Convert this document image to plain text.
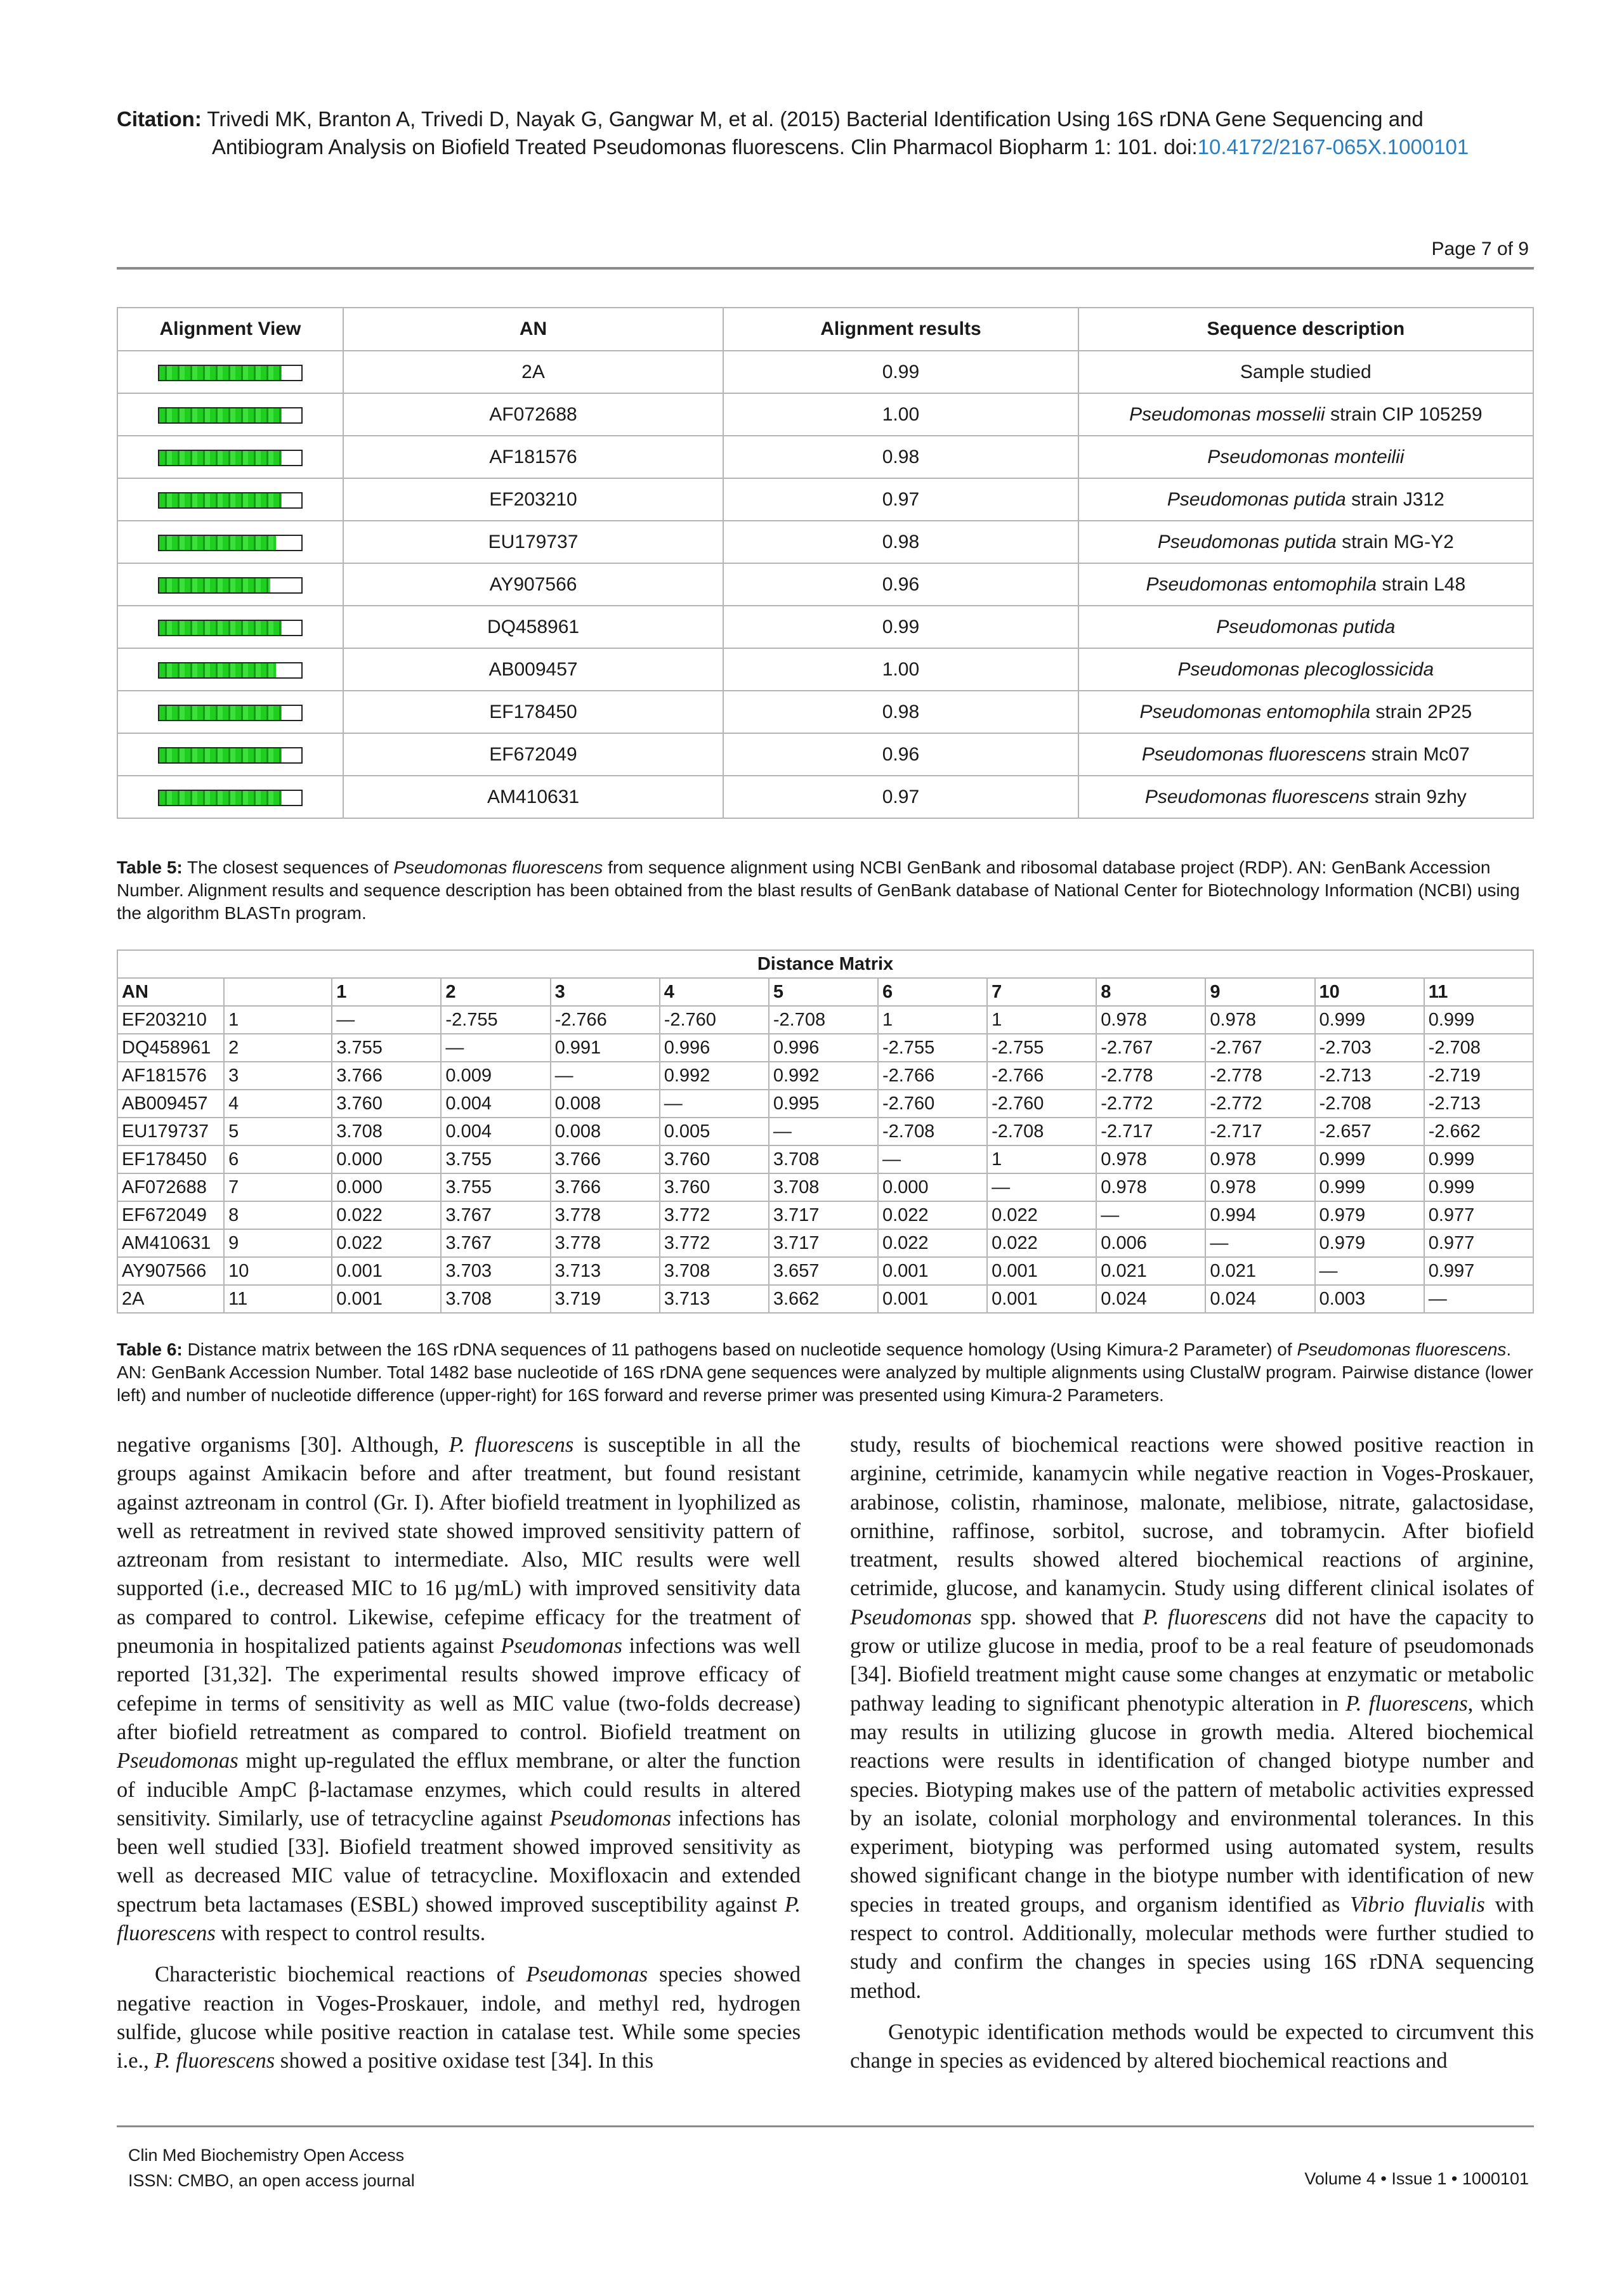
Citation: Trivedi MK, Branton A, Trivedi D, Nayak G, Gangwar M, et al. (2015) Bacterial Identification Using 16S rDNA Gene Sequencing and
Antibiogram Analysis on Biofield Treated Pseudomonas fluorescens. Clin Pharmacol Biopharm 1: 101. doi:10.4172/2167-065X.1000101
Page 7 of 9
Alignment View	AN	Alignment results	Sequence description

	2A	0.99	Sample studied

	AF072688	1.00	Pseudomonas mosselii strain CIP 105259

	AF181576	0.98	Pseudomonas monteilii

	EF203210	0.97	Pseudomonas putida strain J312

	EU179737	0.98	Pseudomonas putida strain MG-Y2

	AY907566	0.96	Pseudomonas entomophila strain L48

	DQ458961	0.99	Pseudomonas putida

	AB009457	1.00	Pseudomonas plecoglossicida

	EF178450	0.98	Pseudomonas entomophila strain 2P25

	EF672049	0.96	Pseudomonas fluorescens strain Mc07

	AM410631	0.97	Pseudomonas fluorescens strain 9zhy
Table 5: The closest sequences of Pseudomonas fluorescens from sequence alignment using NCBI GenBank and ribosomal database project (RDP). AN: GenBank Accession Number. Alignment results and sequence description has been obtained from the blast results of GenBank database of National Center for Biotechnology Information (NCBI) using the algorithm BLASTn program.
Distance Matrix												
AN		1	2	3	4	5	6	7	8	9	10	11
EF203210	1	—	-2.755	-2.766	-2.760	-2.708	1	1	0.978	0.978	0.999	0.999
DQ458961	2	3.755	—	0.991	0.996	0.996	-2.755	-2.755	-2.767	-2.767	-2.703	-2.708
AF181576	3	3.766	0.009	—	0.992	0.992	-2.766	-2.766	-2.778	-2.778	-2.713	-2.719
AB009457	4	3.760	0.004	0.008	—	0.995	-2.760	-2.760	-2.772	-2.772	-2.708	-2.713
EU179737	5	3.708	0.004	0.008	0.005	—	-2.708	-2.708	-2.717	-2.717	-2.657	-2.662
EF178450	6	0.000	3.755	3.766	3.760	3.708	—	1	0.978	0.978	0.999	0.999
AF072688	7	0.000	3.755	3.766	3.760	3.708	0.000	—	0.978	0.978	0.999	0.999
EF672049	8	0.022	3.767	3.778	3.772	3.717	0.022	0.022	—	0.994	0.979	0.977
AM410631	9	0.022	3.767	3.778	3.772	3.717	0.022	0.022	0.006	—	0.979	0.977
AY907566	10	0.001	3.703	3.713	3.708	3.657	0.001	0.001	0.021	0.021	—	0.997
2A	11	0.001	3.708	3.719	3.713	3.662	0.001	0.001	0.024	0.024	0.003	—
Table 6: Distance matrix between the 16S rDNA sequences of 11 pathogens based on nucleotide sequence homology (Using Kimura-2 Parameter) of Pseudomonas fluorescens. AN: GenBank Accession Number. Total 1482 base nucleotide of 16S rDNA gene sequences were analyzed by multiple alignments using ClustalW program. Pairwise distance (lower left) and number of nucleotide difference (upper-right) for 16S forward and reverse primer was presented using Kimura-2 Parameters.

negative organisms [30]. Although, P. fluorescens is susceptible in all the groups against Amikacin before and after treatment, but found resistant against aztreonam in control (Gr. I). After biofield treatment in lyophilized as well as retreatment in revived state showed improved sensitivity pattern of aztreonam from resistant to intermediate. Also, MIC results were well supported (i.e., decreased MIC to 16 µg/mL) with improved sensitivity data as compared to control. Likewise, cefepime efficacy for the treatment of pneumonia in hospitalized patients against Pseudomonas infections was well reported [31,32]. The experimental results showed improve efficacy of cefepime in terms of sensitivity as well as MIC value (two-folds decrease) after biofield retreatment as compared to control. Biofield treatment on Pseudomonas might up-regulated the efflux membrane, or alter the function of inducible AmpC β-lactamase enzymes, which could results in altered sensitivity. Similarly, use of tetracycline against Pseudomonas infections has been well studied [33]. Biofield treatment showed improved sensitivity as well as decreased MIC value of tetracycline. Moxifloxacin and extended spectrum beta lactamases (ESBL) showed improved susceptibility against P. fluorescens with respect to control results.

Characteristic biochemical reactions of Pseudomonas species showed negative reaction in Voges-Proskauer, indole, and methyl red, hydrogen sulfide, glucose while positive reaction in catalase test. While some species i.e., P. fluorescens showed a positive oxidase test [34]. In this

study, results of biochemical reactions were showed positive reaction in arginine, cetrimide, kanamycin while negative reaction in Voges-Proskauer, arabinose, colistin, rhaminose, malonate, melibiose, nitrate, galactosidase, ornithine, raffinose, sorbitol, sucrose, and tobramycin. After biofield treatment, results showed altered biochemical reactions of arginine, cetrimide, glucose, and kanamycin. Study using different clinical isolates of Pseudomonas spp. showed that P. fluorescens did not have the capacity to grow or utilize glucose in media, proof to be a real feature of pseudomonads [34]. Biofield treatment might cause some changes at enzymatic or metabolic pathway leading to significant phenotypic alteration in P. fluorescens, which may results in utilizing glucose in growth media. Altered biochemical reactions were results in identification of changed biotype number and species. Biotyping makes use of the pattern of metabolic activities expressed by an isolate, colonial morphology and environmental tolerances. In this experiment, biotyping was performed using automated system, results showed significant change in the biotype number with identification of new species in treated groups, and organism identified as Vibrio fluvialis with respect to control. Additionally, molecular methods were further studied to study and confirm the changes in species using 16S rDNA sequencing method.

Genotypic identification methods would be expected to circumvent this change in species as evidenced by altered biochemical reactions and

Clin Med Biochemistry Open Access
ISSN: CMBO, an open access journal	Volume 4 • Issue 1 • 1000101
